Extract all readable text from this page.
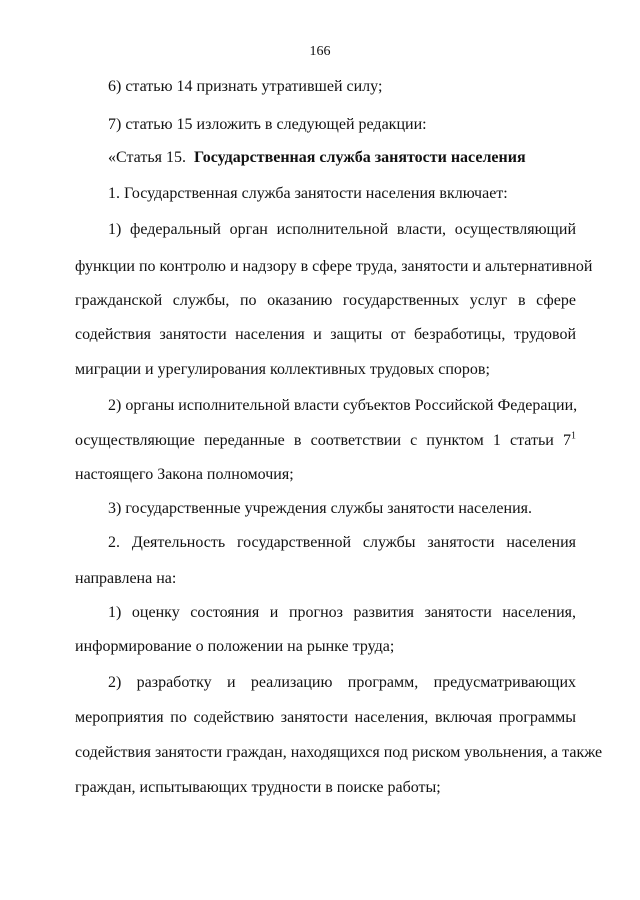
166
6) статью 14 признать утратившей силу;
7) статью 15 изложить в следующей редакции:
«Статья 15. Государственная служба занятости населения
1. Государственная служба занятости населения включает:
1) федеральный орган исполнительной власти, осуществляющий
функции по контролю и надзору в сфере труда, занятости и альтернативной
гражданской службы, по оказанию государственных услуг в сфере
содействия занятости населения и защиты от безработицы, трудовой
миграции и урегулирования коллективных трудовых споров;
2) органы исполнительной власти субъектов Российской Федерации,
осуществляющие переданные в соответствии с пунктом 1 статьи $7^1$
настоящего Закона полномочия;
3) государственные учреждения службы занятости населения.
2. Деятельность государственной службы занятости населения
направлена на:
1) оценку состояния и прогноз развития занятости населения,
информирование о положении на рынке труда;
2) разработку и реализацию программ, предусматривающих
мероприятия по содействию занятости населения, включая программы
содействия занятости граждан, находящихся под риском увольнения, а также
граждан, испытывающих трудности в поиске работы;
